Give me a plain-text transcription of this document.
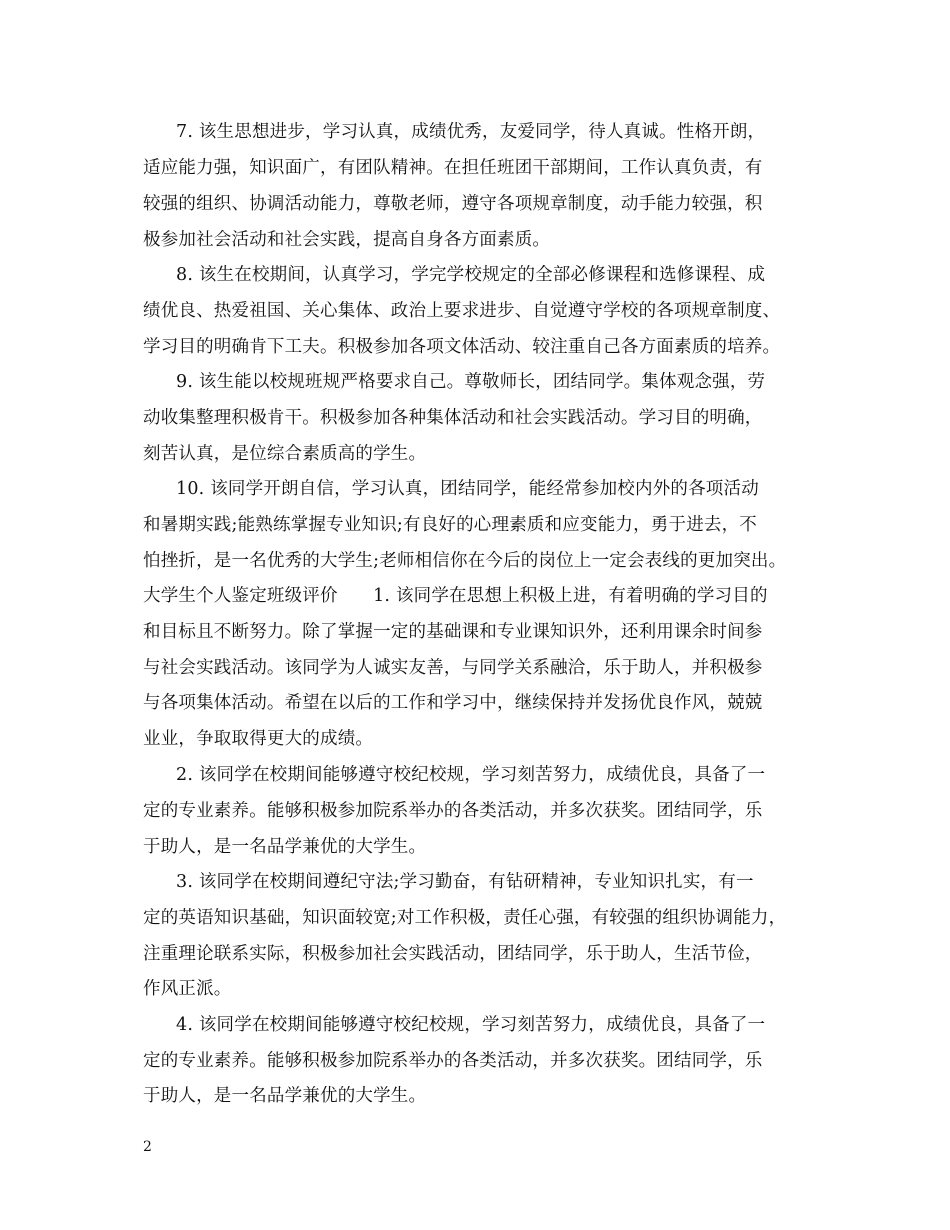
7. 该生思想进步，学习认真，成绩优秀，友爱同学，待人真诚。性格开朗，
适应能力强，知识面广，有团队精神。在担任班团干部期间，工作认真负责，有
较强的组织、协调活动能力，尊敬老师，遵守各项规章制度，动手能力较强，积
极参加社会活动和社会实践，提高自身各方面素质。
8. 该生在校期间，认真学习，学完学校规定的全部必修课程和选修课程、成
绩优良、热爱祖国、关心集体、政治上要求进步、自觉遵守学校的各项规章制度、
学习目的明确肯下工夫。积极参加各项文体活动、较注重自己各方面素质的培养。
9. 该生能以校规班规严格要求自己。尊敬师长，团结同学。集体观念强，劳
动收集整理积极肯干。积极参加各种集体活动和社会实践活动。学习目的明确，
刻苦认真，是位综合素质高的学生。
10. 该同学开朗自信，学习认真，团结同学，能经常参加校内外的各项活动
和暑期实践;能熟练掌握专业知识;有良好的心理素质和应变能力，勇于进去，不
怕挫折，是一名优秀的大学生;老师相信你在今后的岗位上一定会表线的更加突出。
大学生个人鉴定班级评价　　1. 该同学在思想上积极上进，有着明确的学习目的
和目标且不断努力。除了掌握一定的基础课和专业课知识外，还利用课余时间参
与社会实践活动。该同学为人诚实友善，与同学关系融洽，乐于助人，并积极参
与各项集体活动。希望在以后的工作和学习中，继续保持并发扬优良作风，兢兢
业业，争取取得更大的成绩。
2. 该同学在校期间能够遵守校纪校规，学习刻苦努力，成绩优良，具备了一
定的专业素养。能够积极参加院系举办的各类活动，并多次获奖。团结同学，乐
于助人，是一名品学兼优的大学生。
3. 该同学在校期间遵纪守法;学习勤奋，有钻研精神，专业知识扎实，有一
定的英语知识基础，知识面较宽;对工作积极，责任心强，有较强的组织协调能力，
注重理论联系实际，积极参加社会实践活动，团结同学，乐于助人，生活节俭，
作风正派。
4. 该同学在校期间能够遵守校纪校规，学习刻苦努力，成绩优良，具备了一
定的专业素养。能够积极参加院系举办的各类活动，并多次获奖。团结同学，乐
于助人，是一名品学兼优的大学生。
2
